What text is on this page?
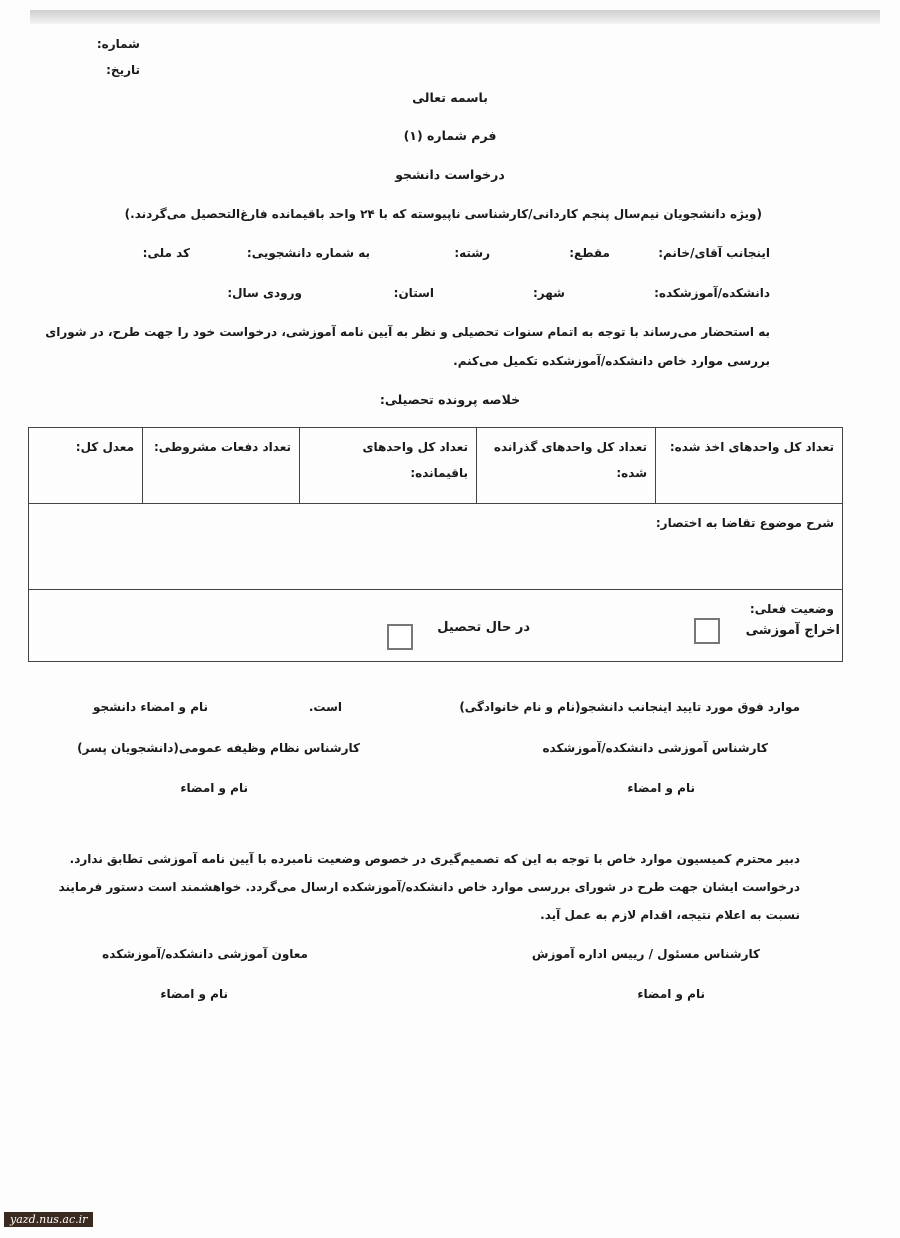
شماره:
تاریخ:
باسمه تعالی
فرم شماره (۱)
درخواست دانشجو
(ویژه دانشجویان نیم‌سال پنجم کاردانی/کارشناسی ناپیوسته که با ۲۴ واحد باقیمانده فارغ‌التحصیل می‌گردند.)
اینجانب آقای/خانم:
مقطع:
رشته:
به شماره دانشجویی:
کد ملی:
دانشکده/آموزشکده:
شهر:
استان:
ورودی سال:
به استحضار می‌رساند با توجه به اتمام سنوات تحصیلی و نظر به آیین نامه آموزشی، درخواست خود را جهت طرح، در شورای
بررسی موارد خاص دانشکده/آموزشکده تکمیل می‌کنم.
خلاصه پرونده تحصیلی:
تعداد کل واحدهای اخذ شده:	تعداد کل واحدهای گذرانده شده:	تعداد کل واحدهای باقیمانده:	تعداد دفعات مشروطی:	معدل کل:
شرح موضوع تقاضا به اختصار:
وضعیت فعلی:
اخراج آموزشی
در حال تحصیل
موارد فوق مورد تایید اینجانب دانشجو(نام و نام خانوادگی)
است.
نام و امضاء دانشجو
کارشناس آموزشی دانشکده/آموزشکده
کارشناس نظام وظیفه عمومی(دانشجویان پسر)
نام و امضاء
نام و امضاء
دبیر محترم کمیسیون موارد خاص با توجه به این که تصمیم‌گیری در خصوص وضعیت نامبرده با آیین نامه آموزشی تطابق ندارد.
درخواست ایشان جهت طرح در شورای بررسی موارد خاص دانشکده/آموزشکده ارسال می‌گردد. خواهشمند است دستور فرمایند
نسبت به اعلام نتیجه، اقدام لازم به عمل آید.
کارشناس مسئول / رییس اداره آموزش
معاون آموزشی دانشکده/آموزشکده
نام و امضاء
نام و امضاء
yazd.nus.ac.ir
